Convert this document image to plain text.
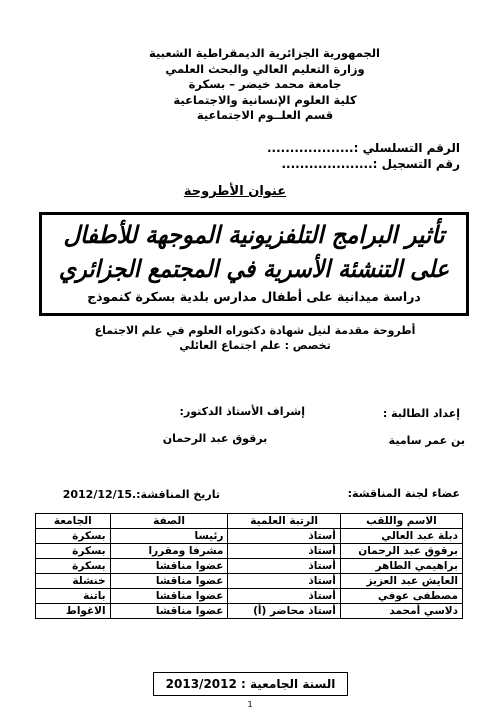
الجمهورية الجزائرية الديمقراطية الشعبية
وزارة التعليم العالي والبحث العلمي
جامعة محمد خيضر – بسكرة
كلية العلوم الإنسانية والاجتماعية
قسم العلــوم الاجتماعية
الرقم التسلسلي :...................
رقم التسجيل :....................
عنوان الأطروحة
تأثير البرامج التلفزيونية الموجهة للأطفال
على التنشئة الأسرية في المجتمع الجزائري
دراسة ميدانية على أطفال مدارس بلدية بسكرة كنموذج
أطروحة مقدمة لنيل شهادة دكتوراه العلوم في علم الاجتماع
تخصص : علم اجتماع العائلي
إعداد الطالبة :
إشراف الأستاذ الدكتور:
بن عمر سامية
برقوق عبد الرحمان
تاريخ المناقشة:.2012/12/15	عضاء لجنة المناقشة:
الاسم واللقب	الرتبة العلمية	الصفة	الجامعة
دبلة عبد العالي	أستاذ	رئيسا	بسكرة
برقوق عبد الرحمان	أستاذ	مشرفا ومقررا	بسكرة
براهيمي الطاهر	أستاذ	عضوا مناقشا	بسكرة
العايش عبد العزيز	أستاذ	عضوا مناقشا	خنشلة
مصطفى عوفي	أستاذ	عضوا مناقشا	باتنة
دلاسي أمحمد	أستاذ محاضر (أ)	عضوا مناقشا	الاغواط
السنة الجامعية : 2013/2012
1
